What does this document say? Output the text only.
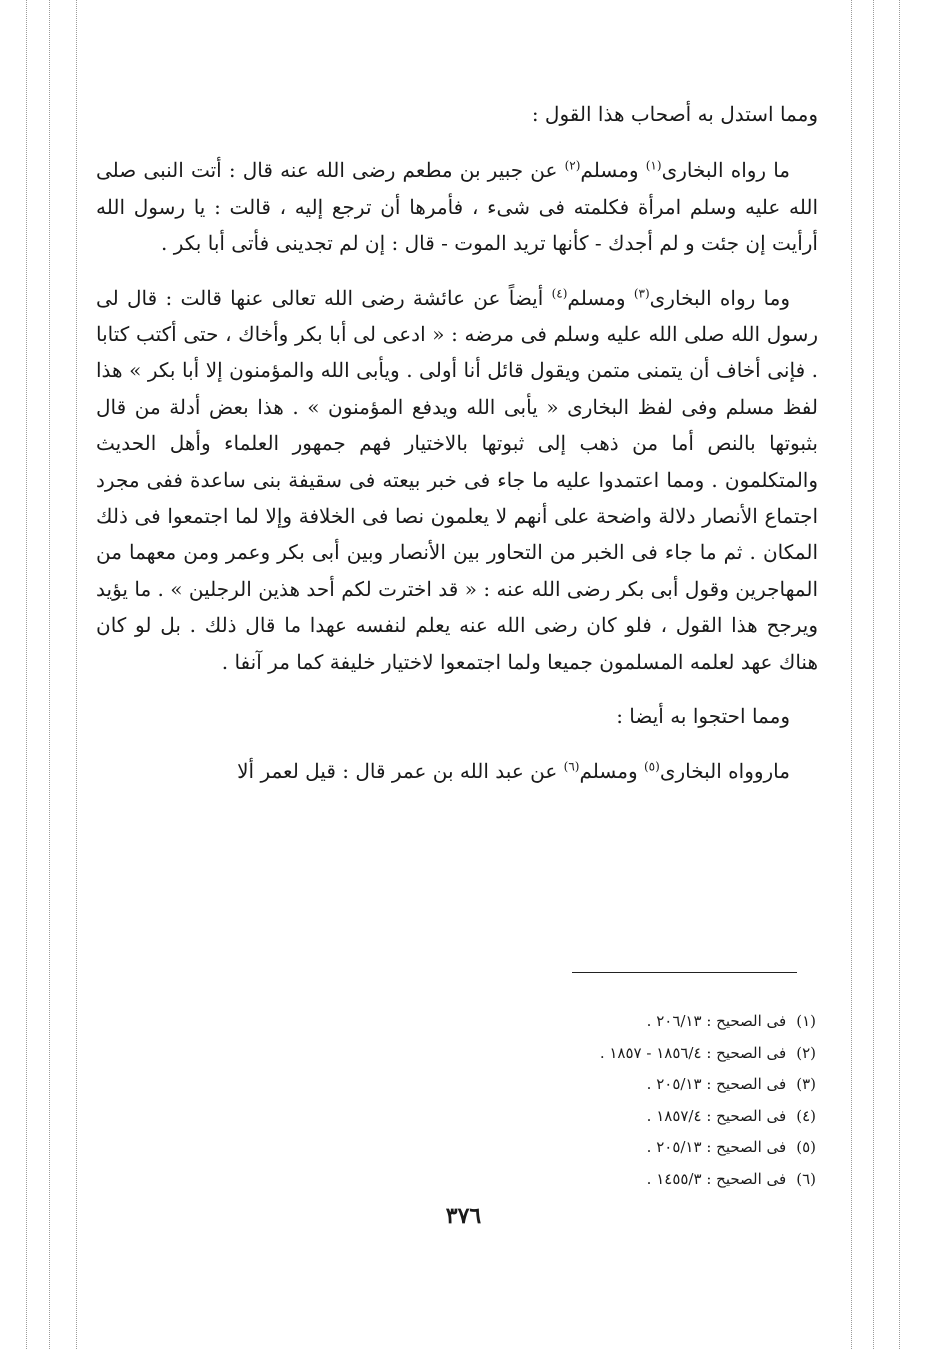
ومما استدل به أصحاب هذا القول :

ما رواه البخارى$^{(١)}$ ومسلم$^{(٢)}$ عن جبير بن مطعم رضى الله عنه قال : أتت النبى صلى الله عليه وسلم امرأة فكلمته فى شىء ، فأمرها أن ترجع إليه ، قالت : يا رسول الله أرأيت إن جئت و لم أجدك - كأنها تريد الموت - قال : إن لم تجدينى فأتى أبا بكر .

وما رواه البخارى$^{(٣)}$ ومسلم$^{(٤)}$ أيضاً عن عائشة رضى الله تعالى عنها قالت : قال لى رسول الله صلى الله عليه وسلم فى مرضه : « ادعى لى أبا بكر وأخاك ، حتى أكتب كتابا . فإنى أخاف أن يتمنى متمن ويقول قائل أنا أولى . ويأبى الله والمؤمنون إلا أبا بكر » هذا لفظ مسلم وفى لفظ البخارى « يأبى الله ويدفع المؤمنون » . هذا بعض أدلة من قال بثبوتها بالنص أما من ذهب إلى ثبوتها بالاختيار فهم جمهور العلماء وأهل الحديث والمتكلمون . ومما اعتمدوا عليه ما جاء فى خبر بيعته فى سقيفة بنى ساعدة ففى مجرد اجتماع الأنصار دلالة واضحة على أنهم لا يعلمون نصا فى الخلافة وإلا لما اجتمعوا فى ذلك المكان . ثم ما جاء فى الخبر من التحاور بين الأنصار وبين أبى بكر وعمر ومن معهما من المهاجرين وقول أبى بكر رضى الله عنه : « قد اخترت لكم أحد هذين الرجلين » . ما يؤيد ويرجح هذا القول ، فلو كان رضى الله عنه يعلم لنفسه عهدا ما قال ذلك . بل لو كان هناك عهد لعلمه المسلمون جميعا ولما اجتمعوا لاختيار خليفة كما مر آنفا .

ومما احتجوا به أيضا :

ماروواه البخارى$^{(٥)}$ ومسلم$^{(٦)}$ عن عبد الله بن عمر قال : قيل لعمر ألا

(١)
فى الصحيح : ٢٠٦/١٣ .
(٢)
فى الصحيح : ١٨٥٦/٤ - ١٨٥٧ .
(٣)
فى الصحيح : ٢٠٥/١٣ .
(٤)
فى الصحيح : ١٨٥٧/٤ .
(٥)
فى الصحيح : ٢٠٥/١٣ .
(٦)
فى الصحيح : ١٤٥٥/٣ .
٣٧٦
